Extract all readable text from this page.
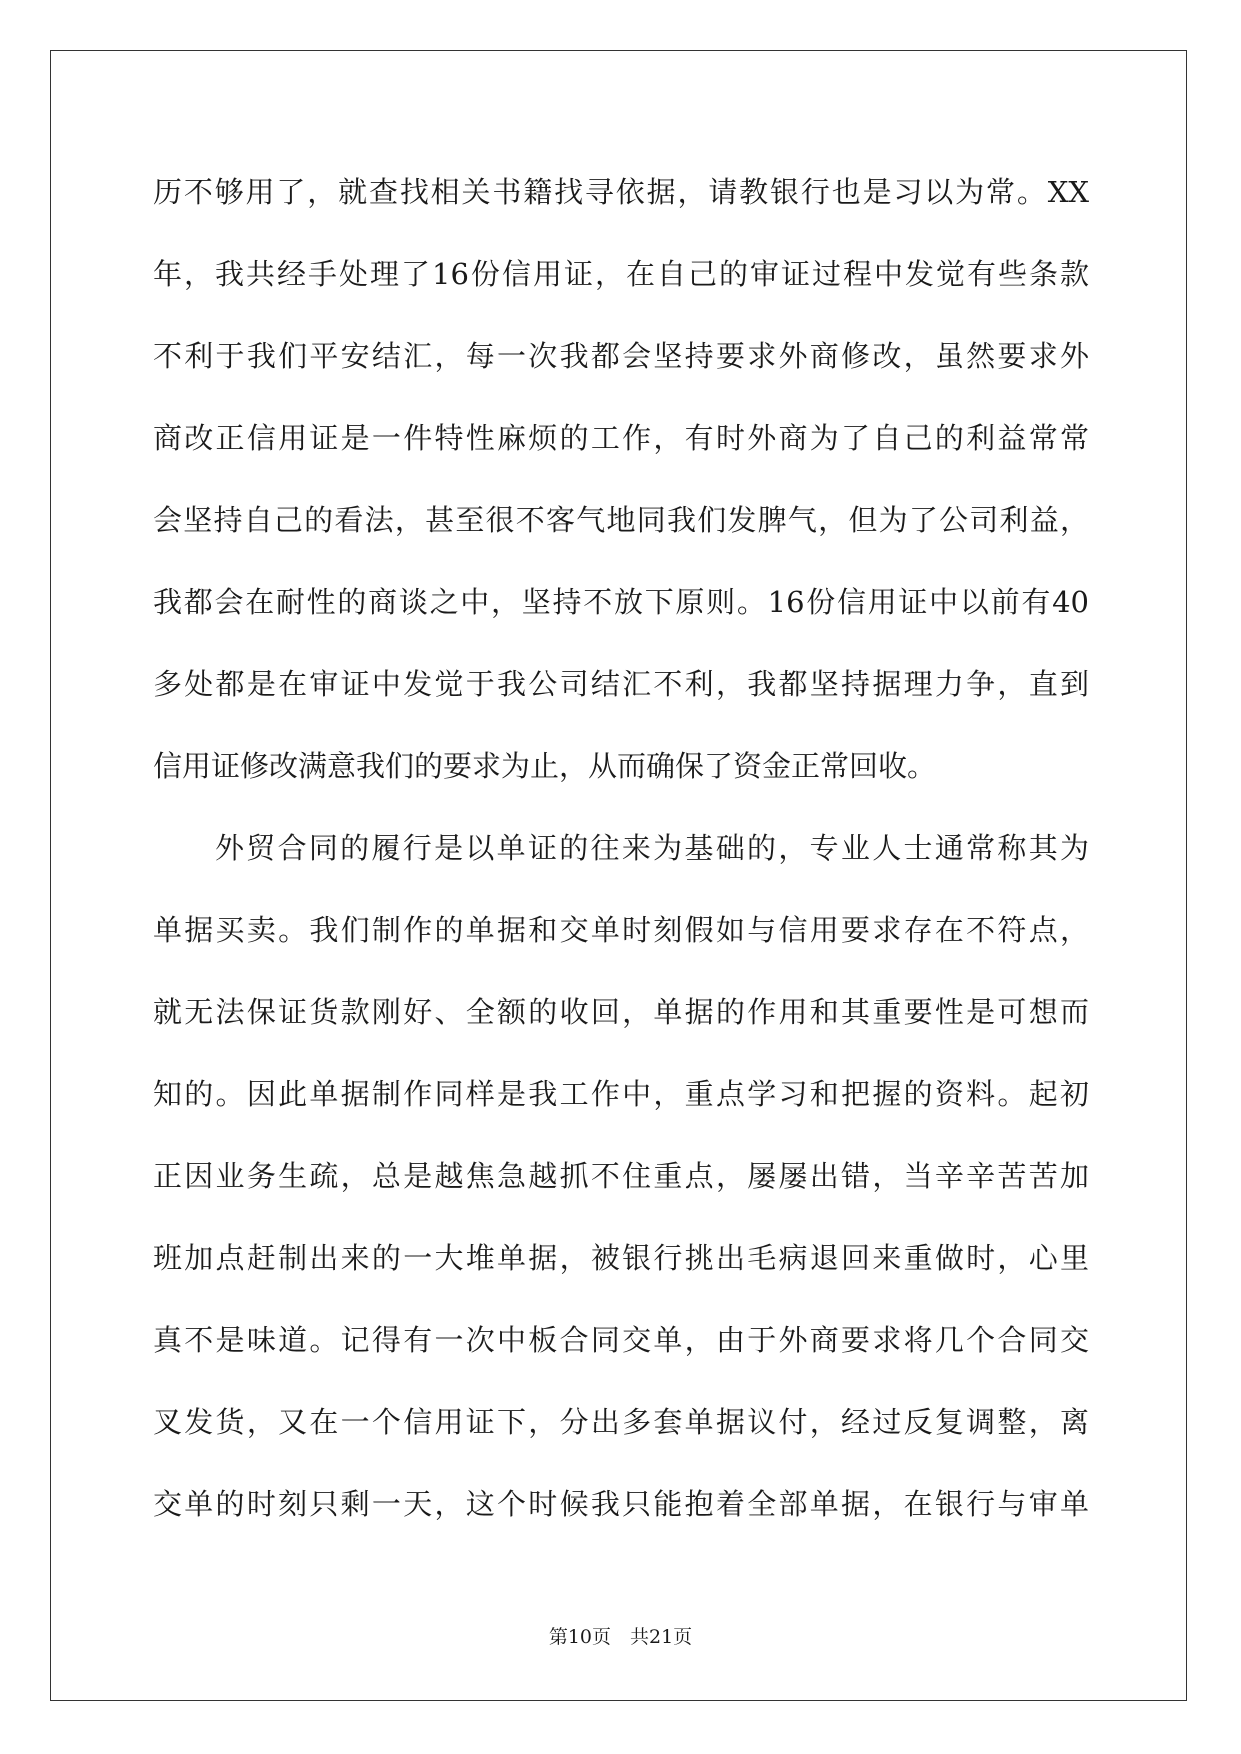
历不够用了，就查找相关书籍找寻依据，请教银行也是习以为常。XX
年，我共经手处理了16份信用证，在自己的审证过程中发觉有些条款
不利于我们平安结汇，每一次我都会坚持要求外商修改，虽然要求外
商改正信用证是一件特性麻烦的工作，有时外商为了自己的利益常常
会坚持自己的看法，甚至很不客气地同我们发脾气，但为了公司利益，
我都会在耐性的商谈之中，坚持不放下原则。16份信用证中以前有40
多处都是在审证中发觉于我公司结汇不利，我都坚持据理力争，直到
信用证修改满意我们的要求为止，从而确保了资金正常回收。
外贸合同的履行是以单证的往来为基础的，专业人士通常称其为
单据买卖。我们制作的单据和交单时刻假如与信用要求存在不符点，
就无法保证货款刚好、全额的收回，单据的作用和其重要性是可想而
知的。因此单据制作同样是我工作中，重点学习和把握的资料。起初
正因业务生疏，总是越焦急越抓不住重点，屡屡出错，当辛辛苦苦加
班加点赶制出来的一大堆单据，被银行挑出毛病退回来重做时，心里
真不是味道。记得有一次中板合同交单，由于外商要求将几个合同交
叉发货，又在一个信用证下，分出多套单据议付，经过反复调整，离
交单的时刻只剩一天，这个时候我只能抱着全部单据，在银行与审单
第10页　共21页
